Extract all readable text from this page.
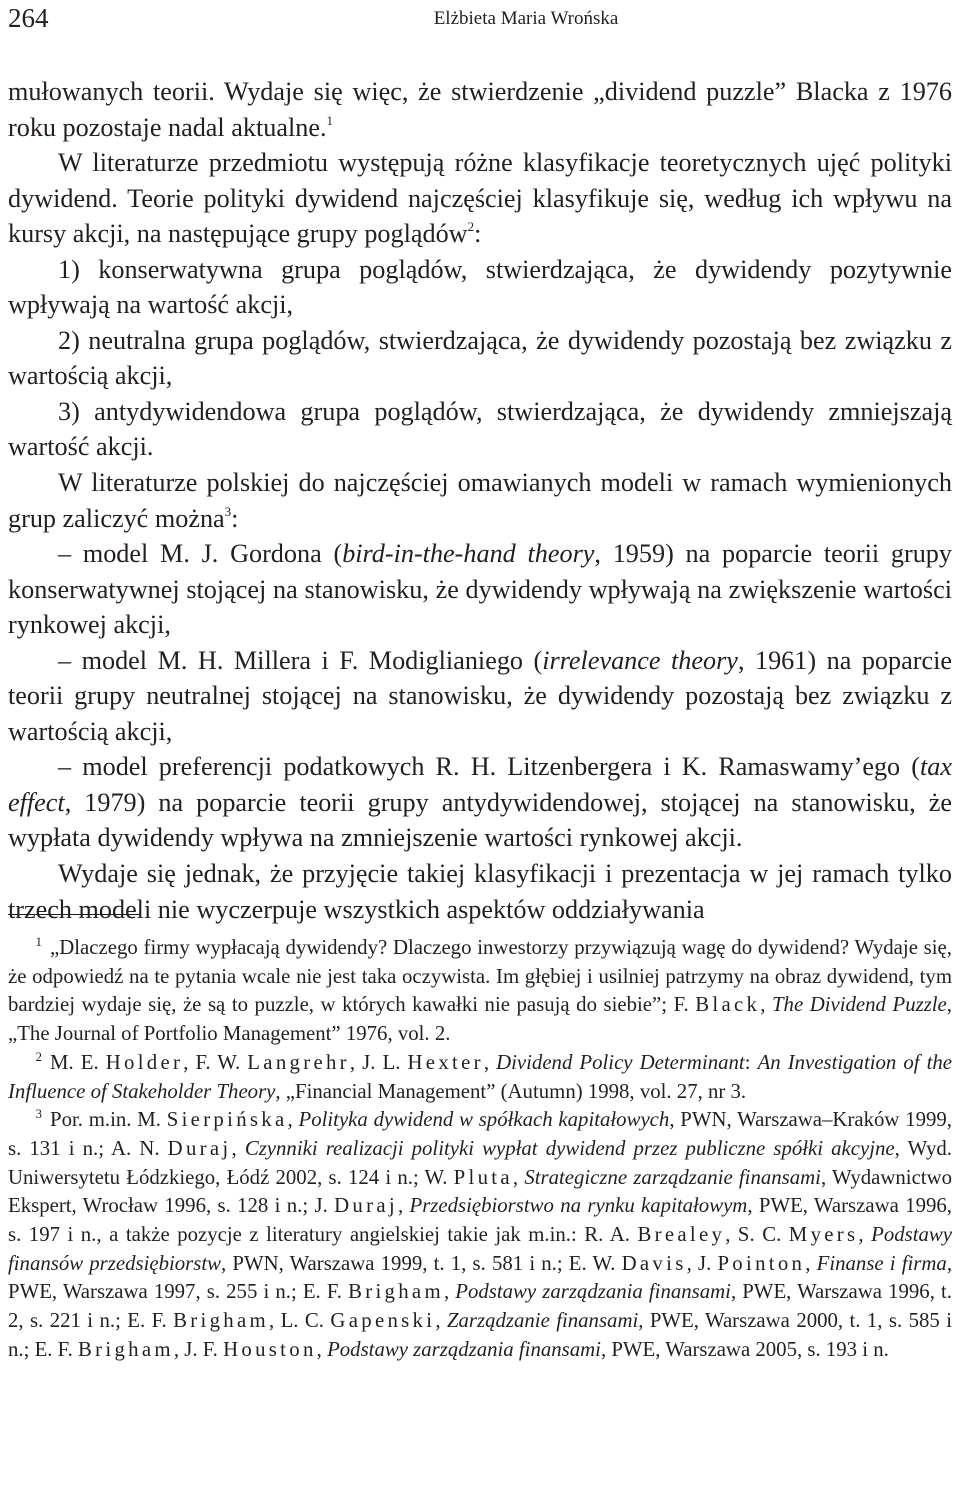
264	Elżbieta Maria Wrońska

mułowanych teorii. Wydaje się więc, że stwierdzenie „dividend puzzle” Blacka z 1976 roku pozostaje nadal aktualne.$^1$

W literaturze przedmiotu występują różne klasyfikacje teoretycznych ujęć polityki dywidend. Teorie polityki dywidend najczęściej klasyfikuje się, według ich wpływu na kursy akcji, na następujące grupy poglądów$^2$:

1) konserwatywna grupa poglądów, stwierdzająca, że dywidendy pozytywnie wpływają na wartość akcji,

2) neutralna grupa poglądów, stwierdzająca, że dywidendy pozostają bez związku z wartością akcji,

3) antydywidendowa grupa poglądów, stwierdzająca, że dywidendy zmniejszają wartość akcji.

W literaturze polskiej do najczęściej omawianych modeli w ramach wymienionych grup zaliczyć można$^3$:

– model M. J. Gordona (bird-in-the-hand theory, 1959) na poparcie teorii grupy konserwatywnej stojącej na stanowisku, że dywidendy wpływają na zwiększenie wartości rynkowej akcji,

– model M. H. Millera i F. Modiglianiego (irrelevance theory, 1961) na poparcie teorii grupy neutralnej stojącej na stanowisku, że dywidendy pozostają bez związku z wartością akcji,

– model preferencji podatkowych R. H. Litzenbergera i K. Ramaswamy’ego (tax effect, 1979) na poparcie teorii grupy antydywidendowej, stojącej na stanowisku, że wypłata dywidendy wpływa na zmniejszenie wartości rynkowej akcji.

Wydaje się jednak, że przyjęcie takiej klasyfikacji i prezentacja w jej ramach tylko trzech modeli nie wyczerpuje wszystkich aspektów oddziaływania

1 „Dlaczego firmy wypłacają dywidendy? Dlaczego inwestorzy przywiązują wagę do dywidend? Wydaje się, że odpowiedź na te pytania wcale nie jest taka oczywista. Im głębiej i usilniej patrzymy na obraz dywidend, tym bardziej wydaje się, że są to puzzle, w których kawałki nie pasują do siebie”; F. Black, The Dividend Puzzle, „The Journal of Portfolio Management” 1976, vol. 2.

2 M. E. Holder, F. W. Langrehr, J. L. Hexter, Dividend Policy Determinant: An Investigation of the Influence of Stakeholder Theory, „Financial Management” (Autumn) 1998, vol. 27, nr 3.

3 Por. m.in. M. Sierpińska, Polityka dywidend w spółkach kapitałowych, PWN, Warszawa–Kraków 1999, s. 131 i n.; A. N. Duraj, Czynniki realizacji polityki wypłat dywidend przez publiczne spółki akcyjne, Wyd. Uniwersytetu Łódzkiego, Łódź 2002, s. 124 i n.; W. Pluta, Strategiczne zarządzanie finansami, Wydawnictwo Ekspert, Wrocław 1996, s. 128 i n.; J. Duraj, Przedsiębiorstwo na rynku kapitałowym, PWE, Warszawa 1996, s. 197 i n., a także pozycje z literatury angielskiej takie jak m.in.: R. A. Brealey, S. C. Myers, Podstawy finansów przedsiębiorstw, PWN, Warszawa 1999, t. 1, s. 581 i n.; E. W. Davis, J. Pointon, Finanse i firma, PWE, Warszawa 1997, s. 255 i n.; E. F. Brigham, Podstawy zarządzania finansami, PWE, Warszawa 1996, t. 2, s. 221 i n.; E. F. Brigham, L. C. Gapenski, Zarządzanie finansami, PWE, Warszawa 2000, t. 1, s. 585 i n.; E. F. Brigham, J. F. Houston, Podstawy zarządzania finansami, PWE, Warszawa 2005, s. 193 i n.
